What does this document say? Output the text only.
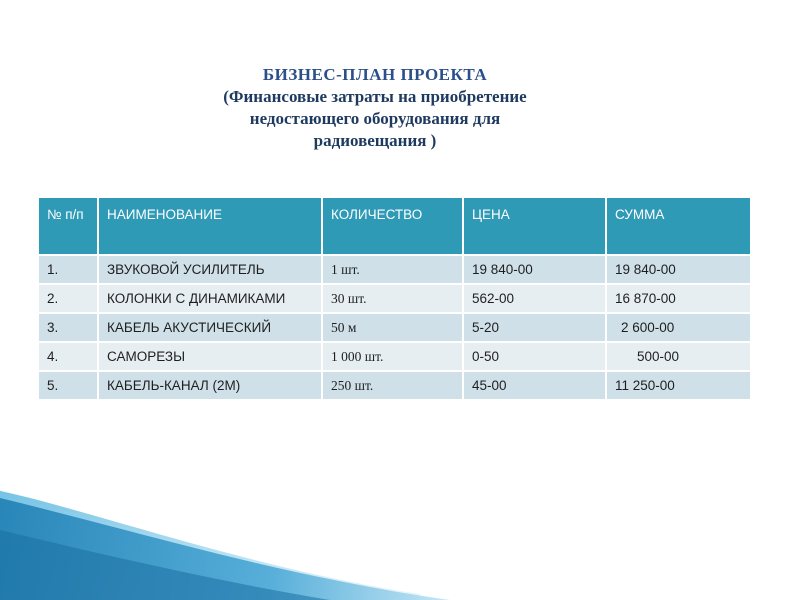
БИЗНЕС-ПЛАН ПРОЕКТА
(Финансовые затраты на приобретение
недостающего оборудования для
радиовещания )
№ п/п	НАИМЕНОВАНИЕ	КОЛИЧЕСТВО	ЦЕНА	СУММА
1.	ЗВУКОВОЙ УСИЛИТЕЛЬ	1 шт.	19 840-00	19 840-00
2.	КОЛОНКИ С ДИНАМИКАМИ	30 шт.	562-00	16 870-00
3.	КАБЕЛЬ АКУСТИЧЕСКИЙ	50 м	5-20	2 600-00
4.	САМОРЕЗЫ	1 000 шт.	0-50	500-00
5.	КАБЕЛЬ-КАНАЛ (2М)	250 шт.	45-00	11 250-00
